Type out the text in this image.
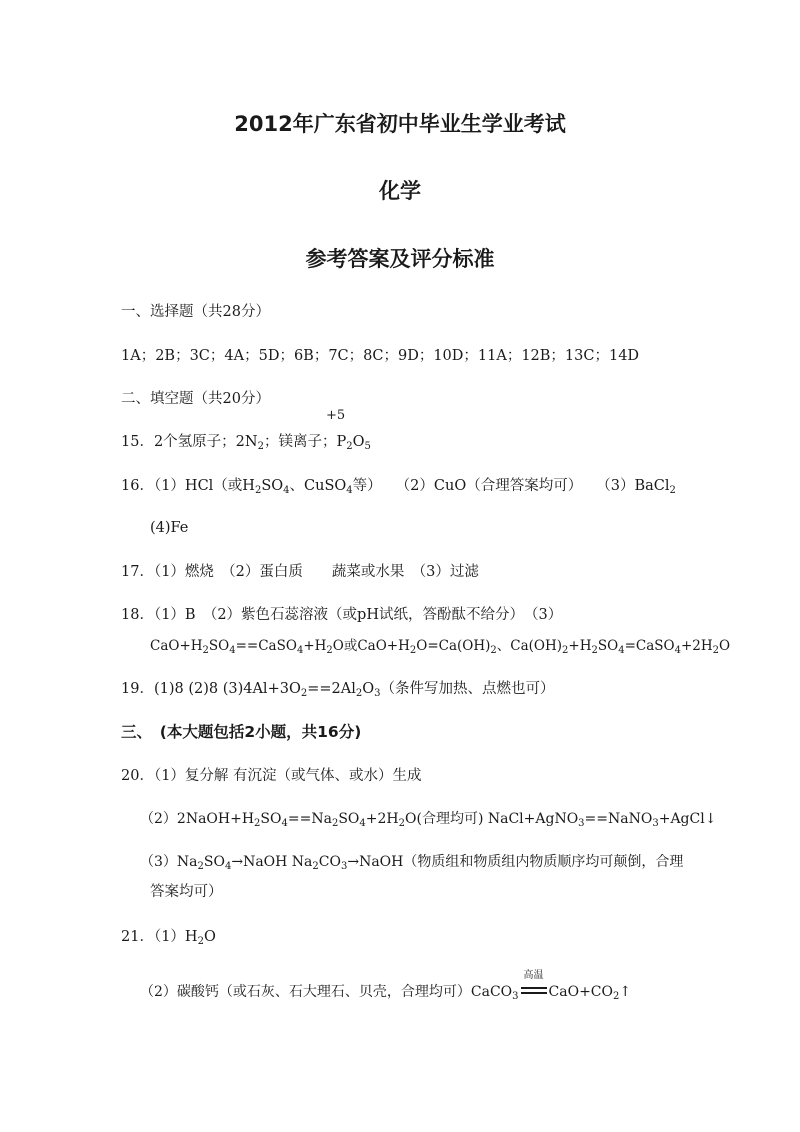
2012年广东省初中毕业生学业考试
化学
参考答案及评分标准
一、选择题（共28分）
1A；2B；3C；4A；5D；6B；7C；8C；9D；10D；11A；12B；13C；14D
二、填空题（共20分）
+5
15．2个氢原子；$2N_2$；镁离子；$P_2O_5$
16．（1）HCl（或$H_2SO_4$、CuSO$_4$等） （2）CuO（合理答案均可） （3）BaCl$_2$
(4)Fe
17．（1）燃烧　（2）蛋白质　　蔬菜或水果　（3）过滤
18．（1）B　（2）紫色石蕊溶液（或pH试纸，答酚酞不给分）　（3）
$CaO+H_2SO_4==CaSO_4+H_2O$或$CaO+H_2O=Ca(OH)_2$、$Ca(OH)_2+H_2SO_4=CaSO_4+2H_2O$
19．(1)8 (2)8 $(3)4Al+3O_2==2Al_2O_3$（条件写加热、点燃也可）
三、　(本大题包括2小题，共16分)
20．（1）复分解 有沉淀（或气体、或水）生成
$(2)2NaOH+H_2SO_4==Na_2SO_4+2H_2O$(合理均可) NaCl+AgNO$_3$==NaNO$_3$+AgCl↓
$(3)Na_2SO_4\to NaOH$ $Na_2CO_3\to NaOH$（物质组和物质组内物质顺序均可颠倒，合理
答案均可）
21．$(1)H_2O$
（2）碳酸钙（或石灰、石大理石、贝壳，合理均可）CaCO$_3$
高温
$CaO+CO_2↑$
